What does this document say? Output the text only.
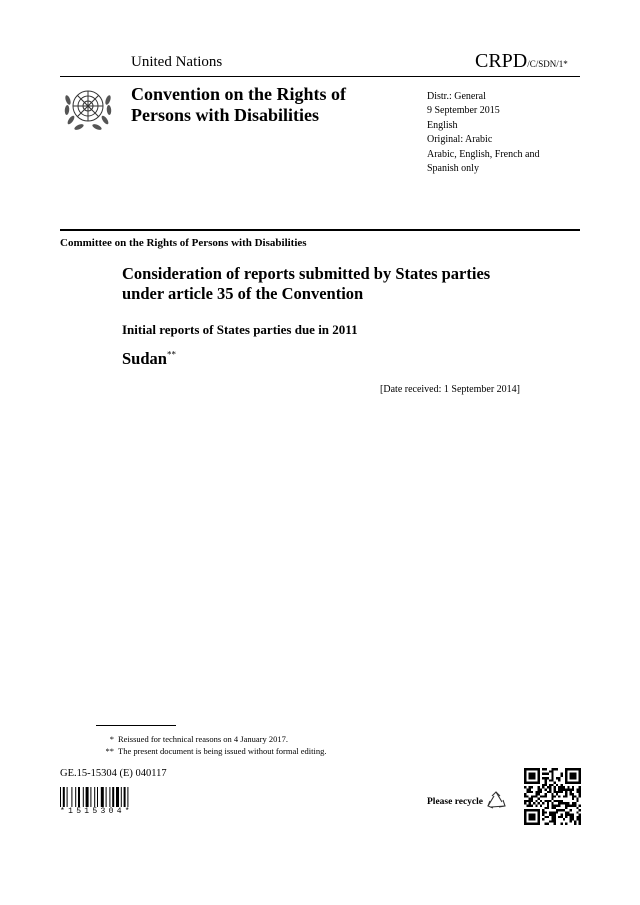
United Nations	CRPD/C/SDN/1*
Convention on the Rights of Persons with Disabilities
Distr.: General
9 September 2015
English
Original: Arabic
Arabic, English, French and
Spanish only
Committee on the Rights of Persons with Disabilities
Consideration of reports submitted by States parties under article 35 of the Convention
Initial reports of States parties due in 2011
Sudan**
[Date received: 1 September 2014]
* Reissued for technical reasons on 4 January 2017.
** The present document is being issued without formal editing.
GE.15-15304 (E) 040117
*1515304*
Please recycle
